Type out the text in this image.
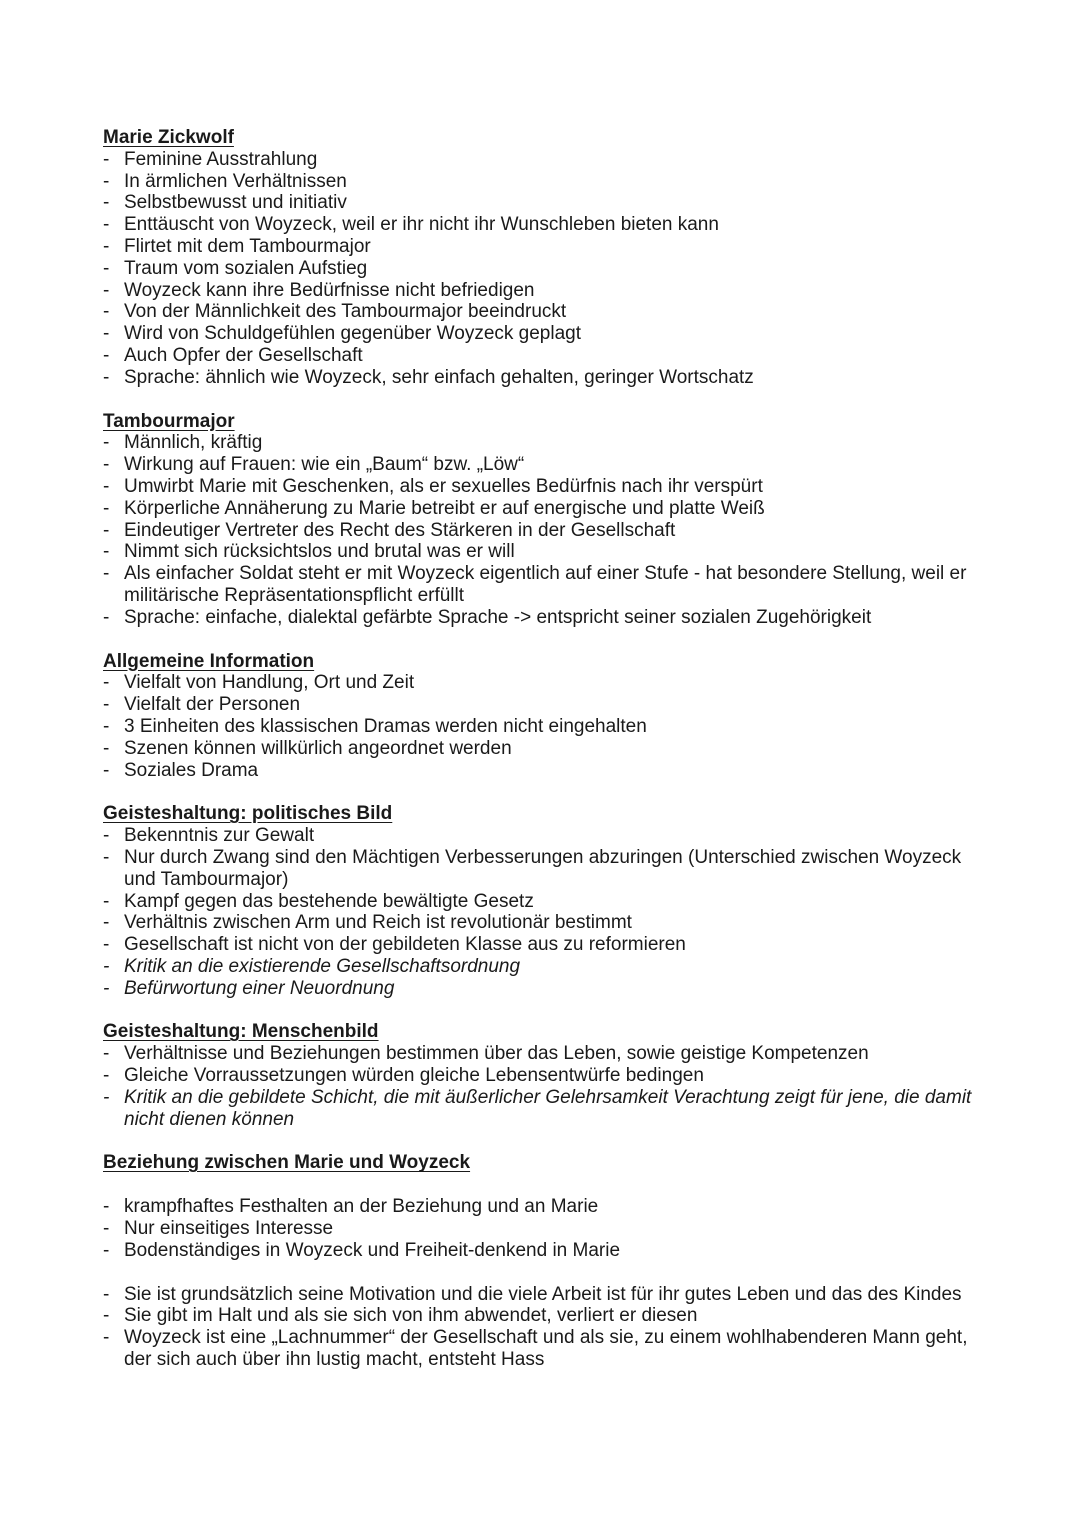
Marie Zickwolf
- Feminine Ausstrahlung
- In ärmlichen Verhältnissen
- Selbstbewusst und initiativ
- Enttäuscht von Woyzeck, weil er ihr nicht ihr Wunschleben bieten kann
- Flirtet mit dem Tambourmajor
- Traum vom sozialen Aufstieg
- Woyzeck kann ihre Bedürfnisse nicht befriedigen
- Von der Männlichkeit des Tambourmajor beeindruckt
- Wird von Schuldgefühlen gegenüber Woyzeck geplagt
- Auch Opfer der Gesellschaft
- Sprache: ähnlich wie Woyzeck, sehr einfach gehalten, geringer Wortschatz
Tambourmajor
- Männlich, kräftig
- Wirkung auf Frauen: wie ein „Baum“ bzw. „Löw“
- Umwirbt Marie mit Geschenken, als er sexuelles Bedürfnis nach ihr verspürt
- Körperliche Annäherung zu Marie betreibt er auf energische und platte Weiß
- Eindeutiger Vertreter des Recht des Stärkeren in der Gesellschaft
- Nimmt sich rücksichtslos und brutal was er will
- Als einfacher Soldat steht er mit Woyzeck eigentlich auf einer Stufe - hat besondere Stellung, weil er militärische Repräsentationspflicht erfüllt
- Sprache: einfache, dialektal gefärbte Sprache -> entspricht seiner sozialen Zugehörigkeit
Allgemeine Information
- Vielfalt von Handlung, Ort und Zeit
- Vielfalt der Personen
- 3 Einheiten des klassischen Dramas werden nicht eingehalten
- Szenen können willkürlich angeordnet werden
- Soziales Drama
Geisteshaltung: politisches Bild
- Bekenntnis zur Gewalt
- Nur durch Zwang sind den Mächtigen Verbesserungen abzuringen (Unterschied zwischen Woyzeck und Tambourmajor)
- Kampf gegen das bestehende bewältigte Gesetz
- Verhältnis zwischen Arm und Reich ist revolutionär bestimmt
- Gesellschaft ist nicht von der gebildeten Klasse aus zu reformieren
- Kritik an die existierende Gesellschaftsordnung
- Befürwortung einer Neuordnung
Geisteshaltung: Menschenbild
- Verhältnisse und Beziehungen bestimmen über das Leben, sowie geistige Kompetenzen
- Gleiche Vorraussetzungen würden gleiche Lebensentwürfe bedingen
- Kritik an die gebildete Schicht, die mit äußerlicher Gelehrsamkeit Verachtung zeigt für jene, die damit nicht dienen können
Beziehung zwischen Marie und Woyzeck
- krampfhaftes Festhalten an der Beziehung und an Marie
- Nur einseitiges Interesse
- Bodenständiges in Woyzeck und Freiheit-denkend in Marie
- Sie ist grundsätzlich seine Motivation und die viele Arbeit ist für ihr gutes Leben und das des Kindes
- Sie gibt im Halt und als sie sich von ihm abwendet, verliert er diesen
- Woyzeck ist eine „Lachnummer“ der Gesellschaft und als sie, zu einem wohlhabenderen Mann geht, der sich auch über ihn lustig macht, entsteht Hass
